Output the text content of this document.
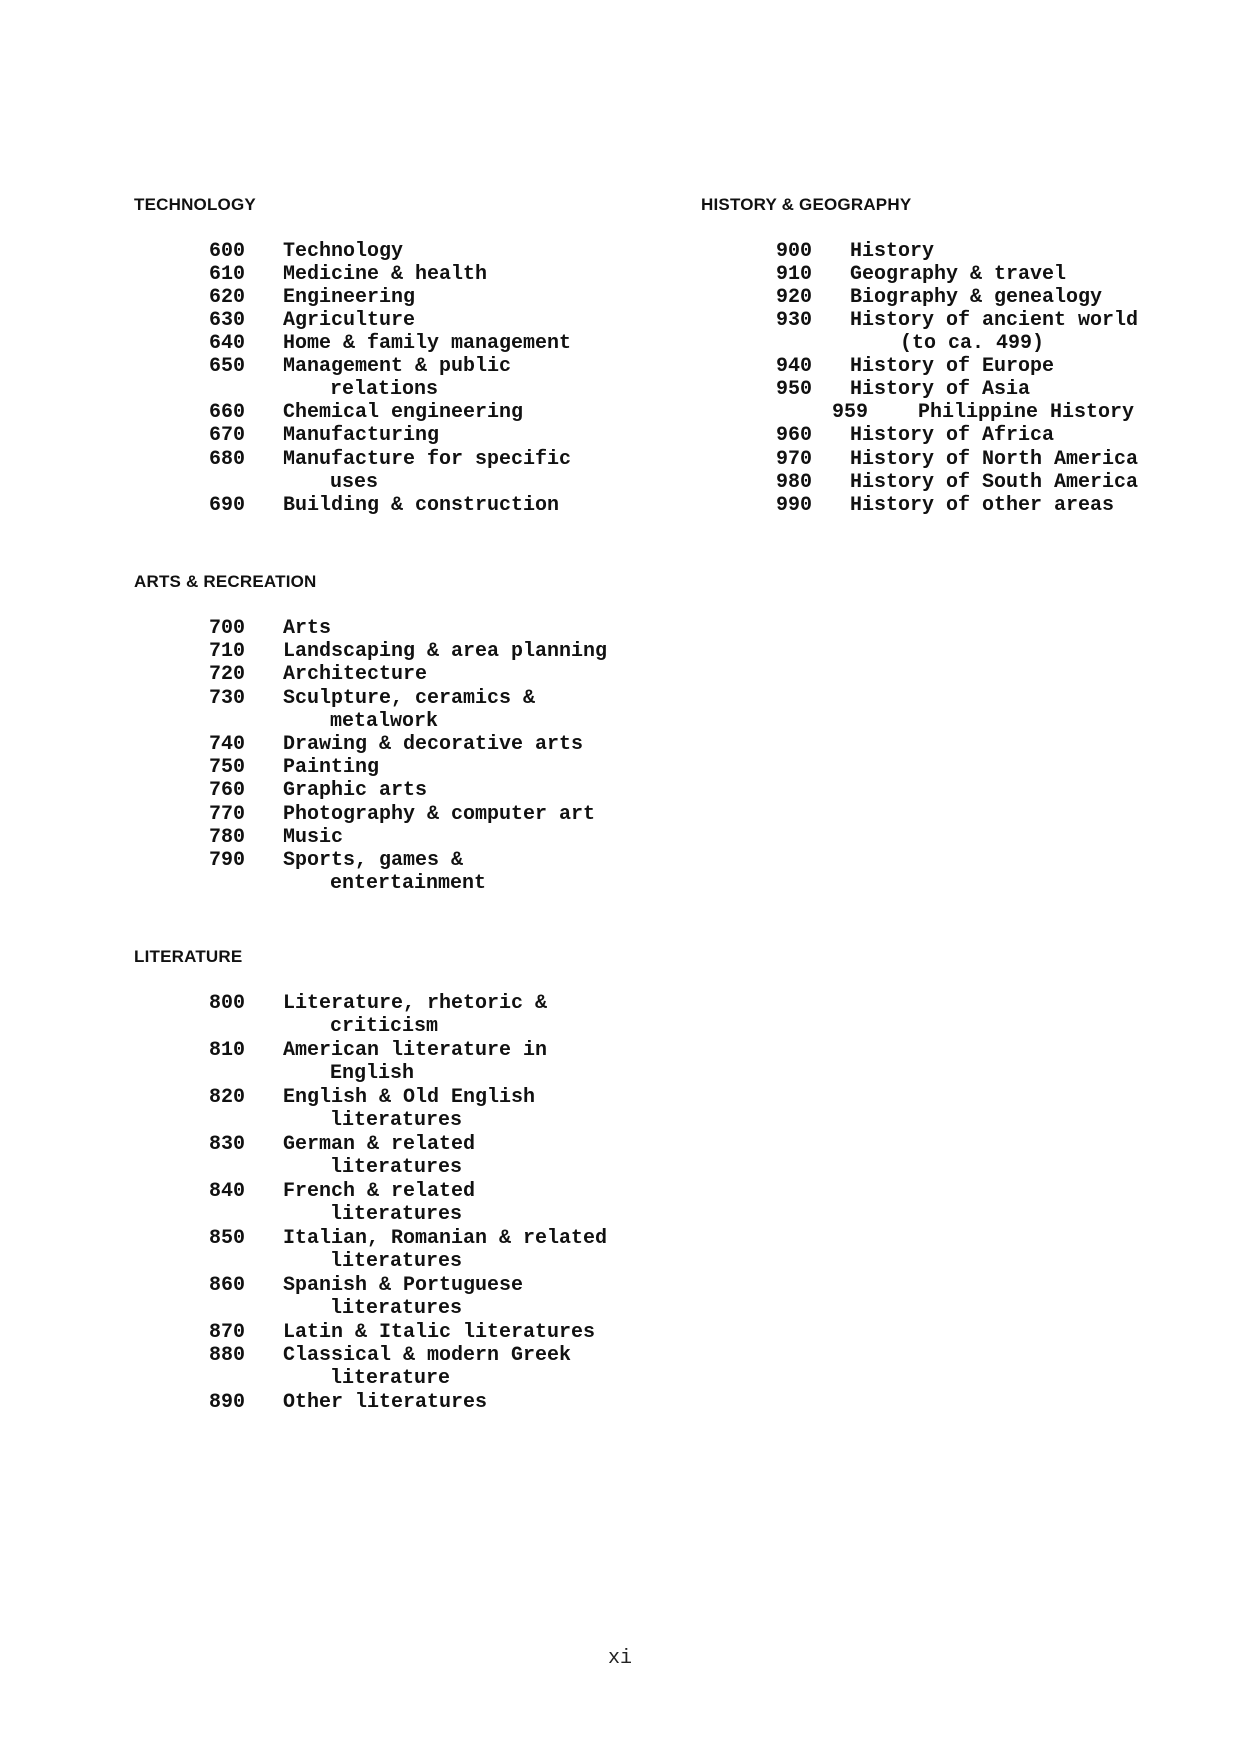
TECHNOLOGY
600 Technology
610 Medicine & health
620 Engineering
630 Agriculture
640 Home & family management
650 Management & public
relations
660 Chemical engineering
670 Manufacturing
680 Manufacture for specific
uses
690 Building & construction
HISTORY & GEOGRAPHY
900 History
910 Geography & travel
920 Biography & genealogy
930 History of ancient world
(to ca. 499)
940 History of Europe
950 History of Asia
959 Philippine History
960 History of Africa
970 History of North America
980 History of South America
990 History of other areas
ARTS & RECREATION
700 Arts
710 Landscaping & area planning
720 Architecture
730 Sculpture, ceramics &
metalwork
740 Drawing & decorative arts
750 Painting
760 Graphic arts
770 Photography & computer art
780 Music
790 Sports, games &
entertainment
LITERATURE
800 Literature, rhetoric &
criticism
810 American literature in
English
820 English & Old English
literatures
830 German & related
literatures
840 French & related
literatures
850 Italian, Romanian & related
literatures
860 Spanish & Portuguese
literatures
870 Latin & Italic literatures
880 Classical & modern Greek
literature
890 Other literatures
xi
